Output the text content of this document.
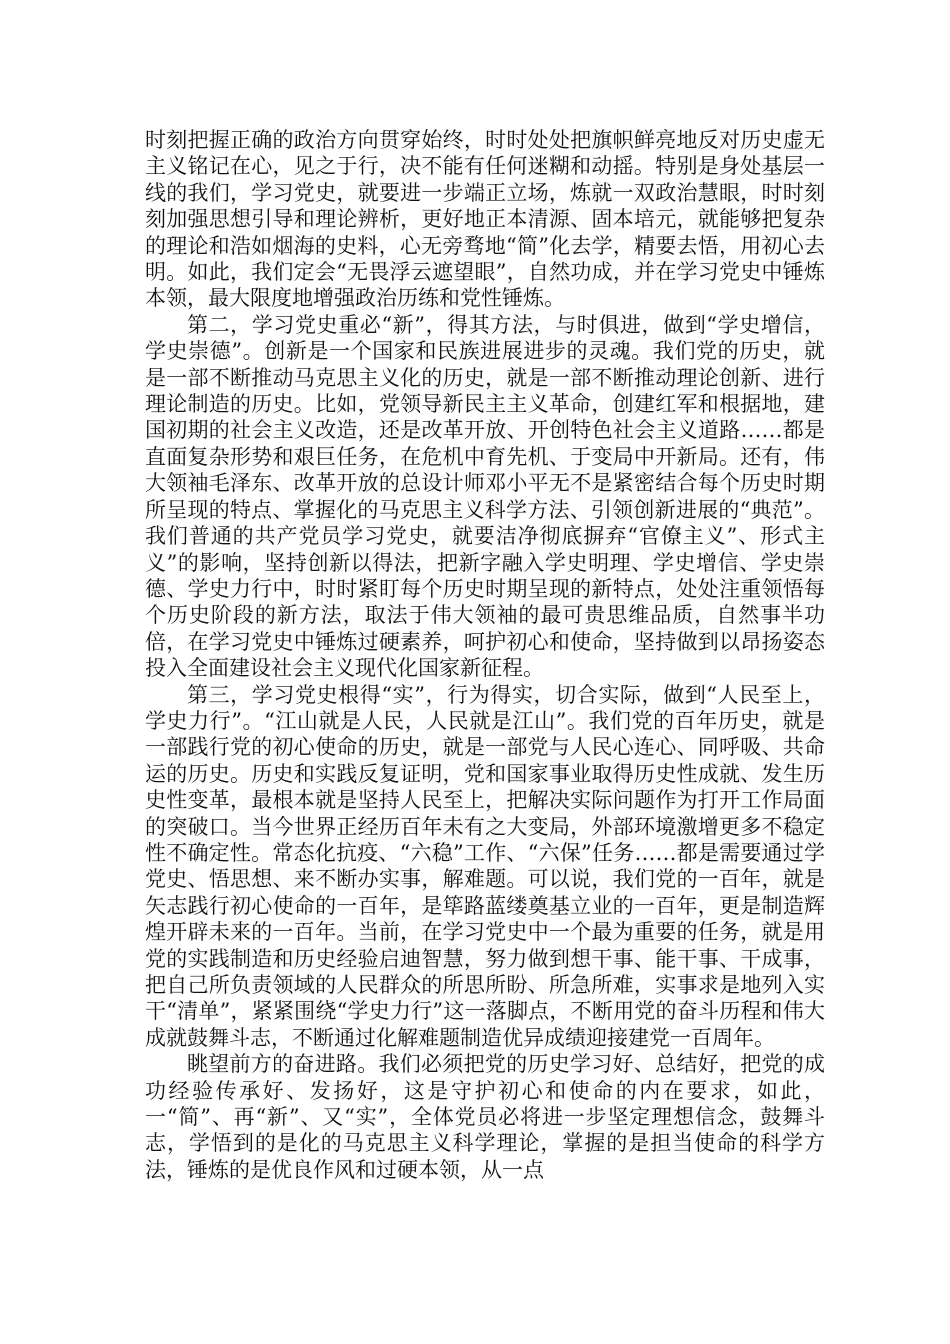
时刻把握正确的政治方向贯穿始终，时时处处把旗帜鲜亮地反对历史虚无主义铭记在心，见之于行，决不能有任何迷糊和动摇。特别是身处基层一线的我们，学习党史，就要进一步端正立场，炼就一双政治慧眼，时时刻刻加强思想引导和理论辨析，更好地正本清源、固本培元，就能够把复杂的理论和浩如烟海的史料，心无旁骛地“简”化去学，精要去悟，用初心去明。如此，我们定会“无畏浮云遮望眼”，自然功成，并在学习党史中锤炼本领，最大限度地增强政治历练和党性锤炼。

第二，学习党史重必“新”，得其方法，与时俱进，做到“学史增信，学史崇德”。创新是一个国家和民族进展进步的灵魂。我们党的历史，就是一部不断推动马克思主义化的历史，就是一部不断推动理论创新、进行理论制造的历史。比如，党领导新民主主义革命，创建红军和根据地，建国初期的社会主义改造，还是改革开放、开创特色社会主义道路……都是直面复杂形势和艰巨任务，在危机中育先机、于变局中开新局。还有，伟大领袖毛泽东、改革开放的总设计师邓小平无不是紧密结合每个历史时期所呈现的特点、掌握化的马克思主义科学方法、引领创新进展的“典范”。我们普通的共产党员学习党史，就要洁净彻底摒弃“官僚主义”、形式主义”的影响，坚持创新以得法，把新字融入学史明理、学史增信、学史崇德、学史力行中，时时紧盯每个历史时期呈现的新特点，处处注重领悟每个历史阶段的新方法，取法于伟大领袖的最可贵思维品质，自然事半功倍，在学习党史中锤炼过硬素养，呵护初心和使命，坚持做到以昂扬姿态投入全面建设社会主义现代化国家新征程。

第三，学习党史根得“实”，行为得实，切合实际，做到“人民至上，学史力行”。“江山就是人民，人民就是江山”。我们党的百年历史，就是一部践行党的初心使命的历史，就是一部党与人民心连心、同呼吸、共命运的历史。历史和实践反复证明，党和国家事业取得历史性成就、发生历史性变革，最根本就是坚持人民至上，把解决实际问题作为打开工作局面的突破口。当今世界正经历百年未有之大变局，外部环境激增更多不稳定性不确定性。常态化抗疫、“六稳”工作、“六保”任务……都是需要通过学党史、悟思想、来不断办实事，解难题。可以说，我们党的一百年，就是矢志践行初心使命的一百年，是筚路蓝缕奠基立业的一百年，更是制造辉煌开辟未来的一百年。当前，在学习党史中一个最为重要的任务，就是用党的实践制造和历史经验启迪智慧，努力做到想干事、能干事、干成事，把自己所负责领域的人民群众的所思所盼、所急所难，实事求是地列入实干“清单”，紧紧围绕“学史力行”这一落脚点，不断用党的奋斗历程和伟大成就鼓舞斗志，不断通过化解难题制造优异成绩迎接建党一百周年。

眺望前方的奋进路。我们必须把党的历史学习好、总结好，把党的成功经验传承好、发扬好，这是守护初心和使命的内在要求，如此，一“简”、再“新”、又“实”，全体党员必将进一步坚定理想信念，鼓舞斗志，学悟到的是化的马克思主义科学理论，掌握的是担当使命的科学方法，锤炼的是优良作风和过硬本领，从一点
